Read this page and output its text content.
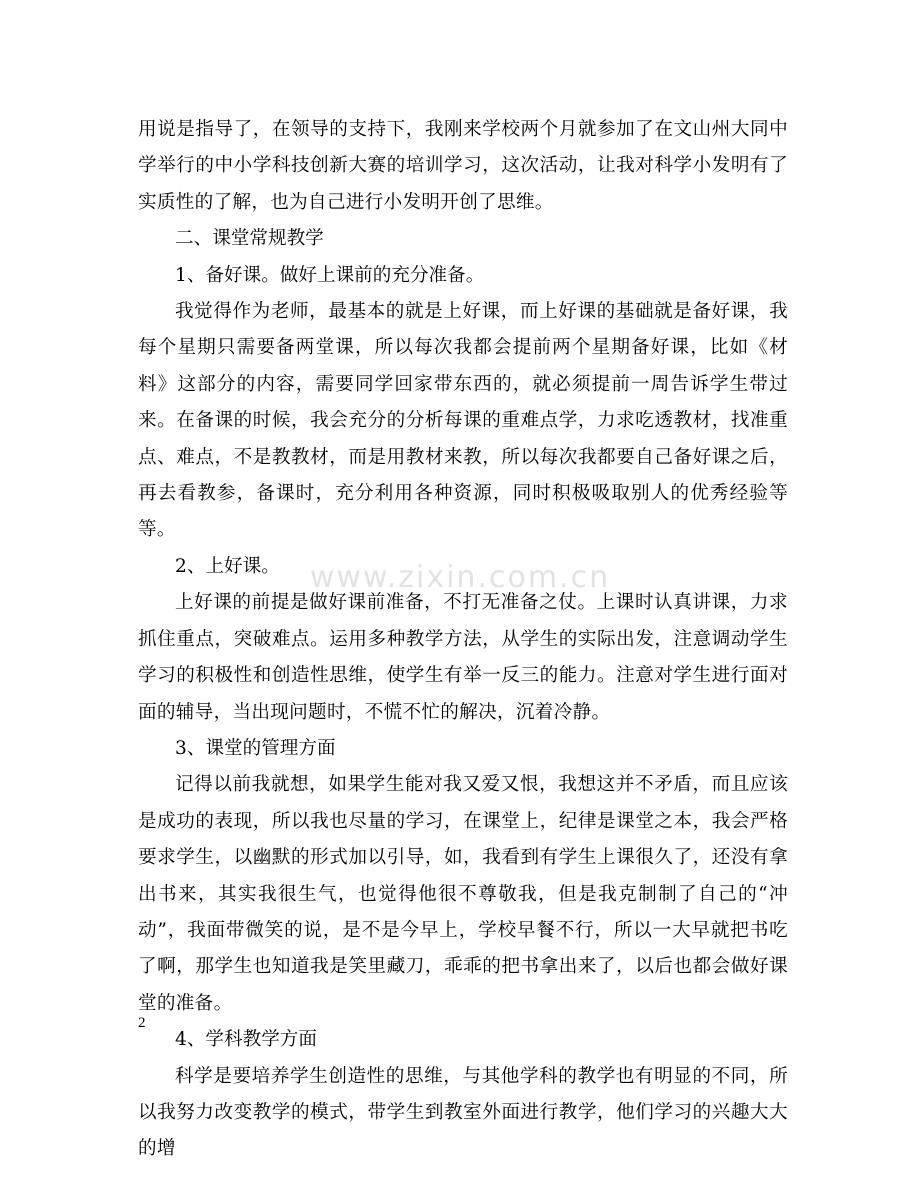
用说是指导了，在领导的支持下，我刚来学校两个月就参加了在文山州大同中学举行的中小学科技创新大赛的培训学习，这次活动，让我对科学小发明有了实质性的了解，也为自己进行小发明开创了思维。

二、课堂常规教学

1、备好课。做好上课前的充分准备。

我觉得作为老师，最基本的就是上好课，而上好课的基础就是备好课，我每个星期只需要备两堂课，所以每次我都会提前两个星期备好课，比如《材料》这部分的内容，需要同学回家带东西的，就必须提前一周告诉学生带过来。在备课的时候，我会充分的分析每课的重难点学，力求吃透教材，找准重点、难点，不是教教材，而是用教材来教，所以每次我都要自己备好课之后，再去看教参，备课时，充分利用各种资源，同时积极吸取别人的优秀经验等等。

2、上好课。

上好课的前提是做好课前准备，不打无准备之仗。上课时认真讲课，力求抓住重点，突破难点。运用多种教学方法，从学生的实际出发，注意调动学生学习的积极性和创造性思维，使学生有举一反三的能力。注意对学生进行面对面的辅导，当出现问题时，不慌不忙的解决，沉着冷静。

3、课堂的管理方面

记得以前我就想，如果学生能对我又爱又恨，我想这并不矛盾，而且应该是成功的表现，所以我也尽量的学习，在课堂上，纪律是课堂之本，我会严格要求学生，以幽默的形式加以引导，如，我看到有学生上课很久了，还没有拿出书来，其实我很生气，也觉得他很不尊敬我，但是我克制制了自己的“冲动”，我面带微笑的说，是不是今早上，学校早餐不行，所以一大早就把书吃了啊，那学生也知道我是笑里藏刀，乖乖的把书拿出来了，以后也都会做好课堂的准备。

4、学科教学方面

科学是要培养学生创造性的思维，与其他学科的教学也有明显的不同，所以我努力改变教学的模式，带学生到教室外面进行教学，他们学习的兴趣大大的增

www.zixin.com.cn
2
